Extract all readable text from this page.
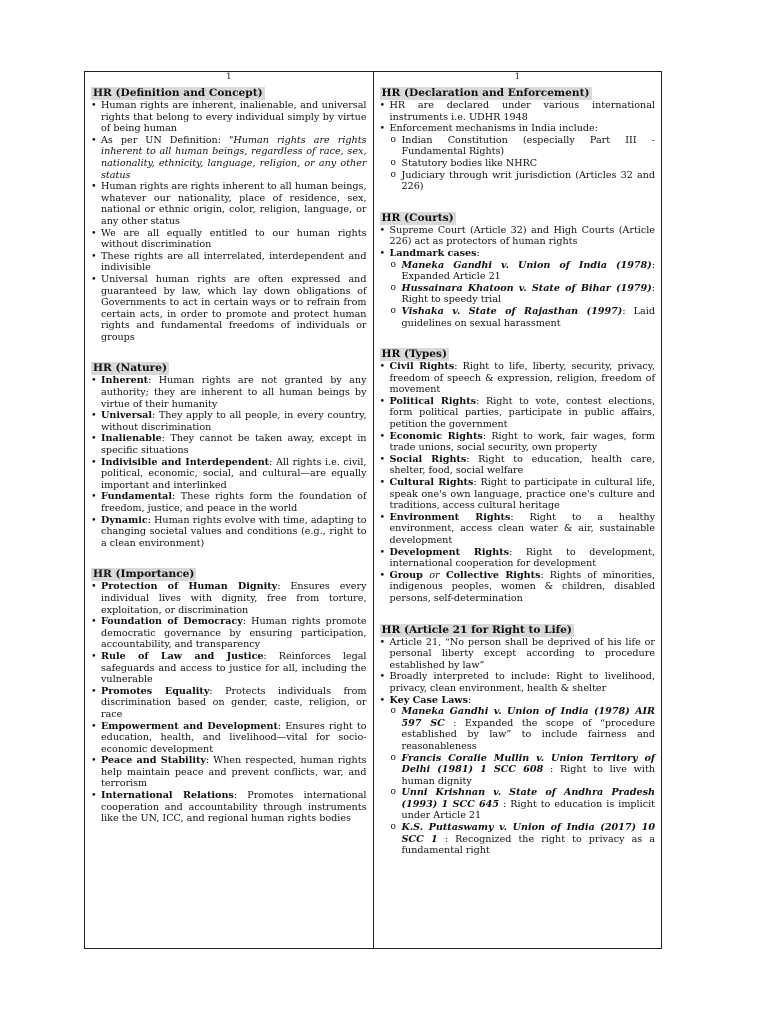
1
HR (Definition and Concept)
• Human rights are inherent, inalienable, and universal rights that belong to every individual simply by virtue of being human
• As per UN Definition: "Human rights are rights inherent to all human beings, regardless of race, sex, nationality, ethnicity, language, religion, or any other status
• Human rights are rights inherent to all human beings, whatever our nationality, place of residence, sex, national or ethnic origin, color, religion, language, or any other status
• We are all equally entitled to our human rights without discrimination
• These rights are all interrelated, interdependent and indivisible
• Universal human rights are often expressed and guaranteed by law, which lay down obligations of Governments to act in certain ways or to refrain from certain acts, in order to promote and protect human rights and fundamental freedoms of individuals or groups
HR (Nature)
• Inherent: Human rights are not granted by any authority; they are inherent to all human beings by virtue of their humanity
• Universal: They apply to all people, in every country, without discrimination
• Inalienable: They cannot be taken away, except in specific situations
• Indivisible and Interdependent: All rights i.e. civil, political, economic, social, and cultural—are equally important and interlinked
• Fundamental: These rights form the foundation of freedom, justice, and peace in the world
• Dynamic: Human rights evolve with time, adapting to changing societal values and conditions (e.g., right to a clean environment)
HR (Importance)
• Protection of Human Dignity: Ensures every individual lives with dignity, free from torture, exploitation, or discrimination
• Foundation of Democracy: Human rights promote democratic governance by ensuring participation, accountability, and transparency
• Rule of Law and Justice: Reinforces legal safeguards and access to justice for all, including the vulnerable
• Promotes Equality: Protects individuals from discrimination based on gender, caste, religion, or race
• Empowerment and Development: Ensures right to education, health, and livelihood—vital for socio-economic development
• Peace and Stability: When respected, human rights help maintain peace and prevent conflicts, war, and terrorism
• International Relations: Promotes international cooperation and accountability through instruments like the UN, ICC, and regional human rights bodies
1
HR (Declaration and Enforcement)
• HR are declared under various international instruments i.e. UDHR 1948
• Enforcement mechanisms in India include:
o Indian Constitution (especially Part III - Fundamental Rights)
o Statutory bodies like NHRC
o Judiciary through writ jurisdiction (Articles 32 and 226)
HR (Courts)
• Supreme Court (Article 32) and High Courts (Article 226) act as protectors of human rights
• Landmark cases:
o Maneka Gandhi v. Union of India (1978): Expanded Article 21
o Hussainara Khatoon v. State of Bihar (1979): Right to speedy trial
o Vishaka v. State of Rajasthan (1997): Laid guidelines on sexual harassment
HR (Types)
• Civil Rights: Right to life, liberty, security, privacy, freedom of speech & expression, religion, freedom of movement
• Political Rights: Right to vote, contest elections, form political parties, participate in public affairs, petition the government
• Economic Rights: Right to work, fair wages, form trade unions, social security, own property
• Social Rights: Right to education, health care, shelter, food, social welfare
• Cultural Rights: Right to participate in cultural life, speak one's own language, practice one's culture and traditions, access cultural heritage
• Environment Rights: Right to a healthy environment, access clean water & air, sustainable development
• Development Rights: Right to development, international cooperation for development
• Group or Collective Rights: Rights of minorities, indigenous peoples, women & children, disabled persons, self-determination
HR (Article 21 for Right to Life)
• Article 21, “No person shall be deprived of his life or personal liberty except according to procedure established by law”
• Broadly interpreted to include: Right to livelihood, privacy, clean environment, health & shelter
• Key Case Laws:
o Maneka Gandhi v. Union of India (1978) AIR 597 SC : Expanded the scope of “procedure established by law” to include fairness and reasonableness
o Francis Coralie Mullin v. Union Territory of Delhi (1981) 1 SCC 608 : Right to live with human dignity
o Unni Krishnan v. State of Andhra Pradesh (1993) 1 SCC 645 : Right to education is implicit under Article 21
o K.S. Puttaswamy v. Union of India (2017) 10 SCC 1 : Recognized the right to privacy as a fundamental right
